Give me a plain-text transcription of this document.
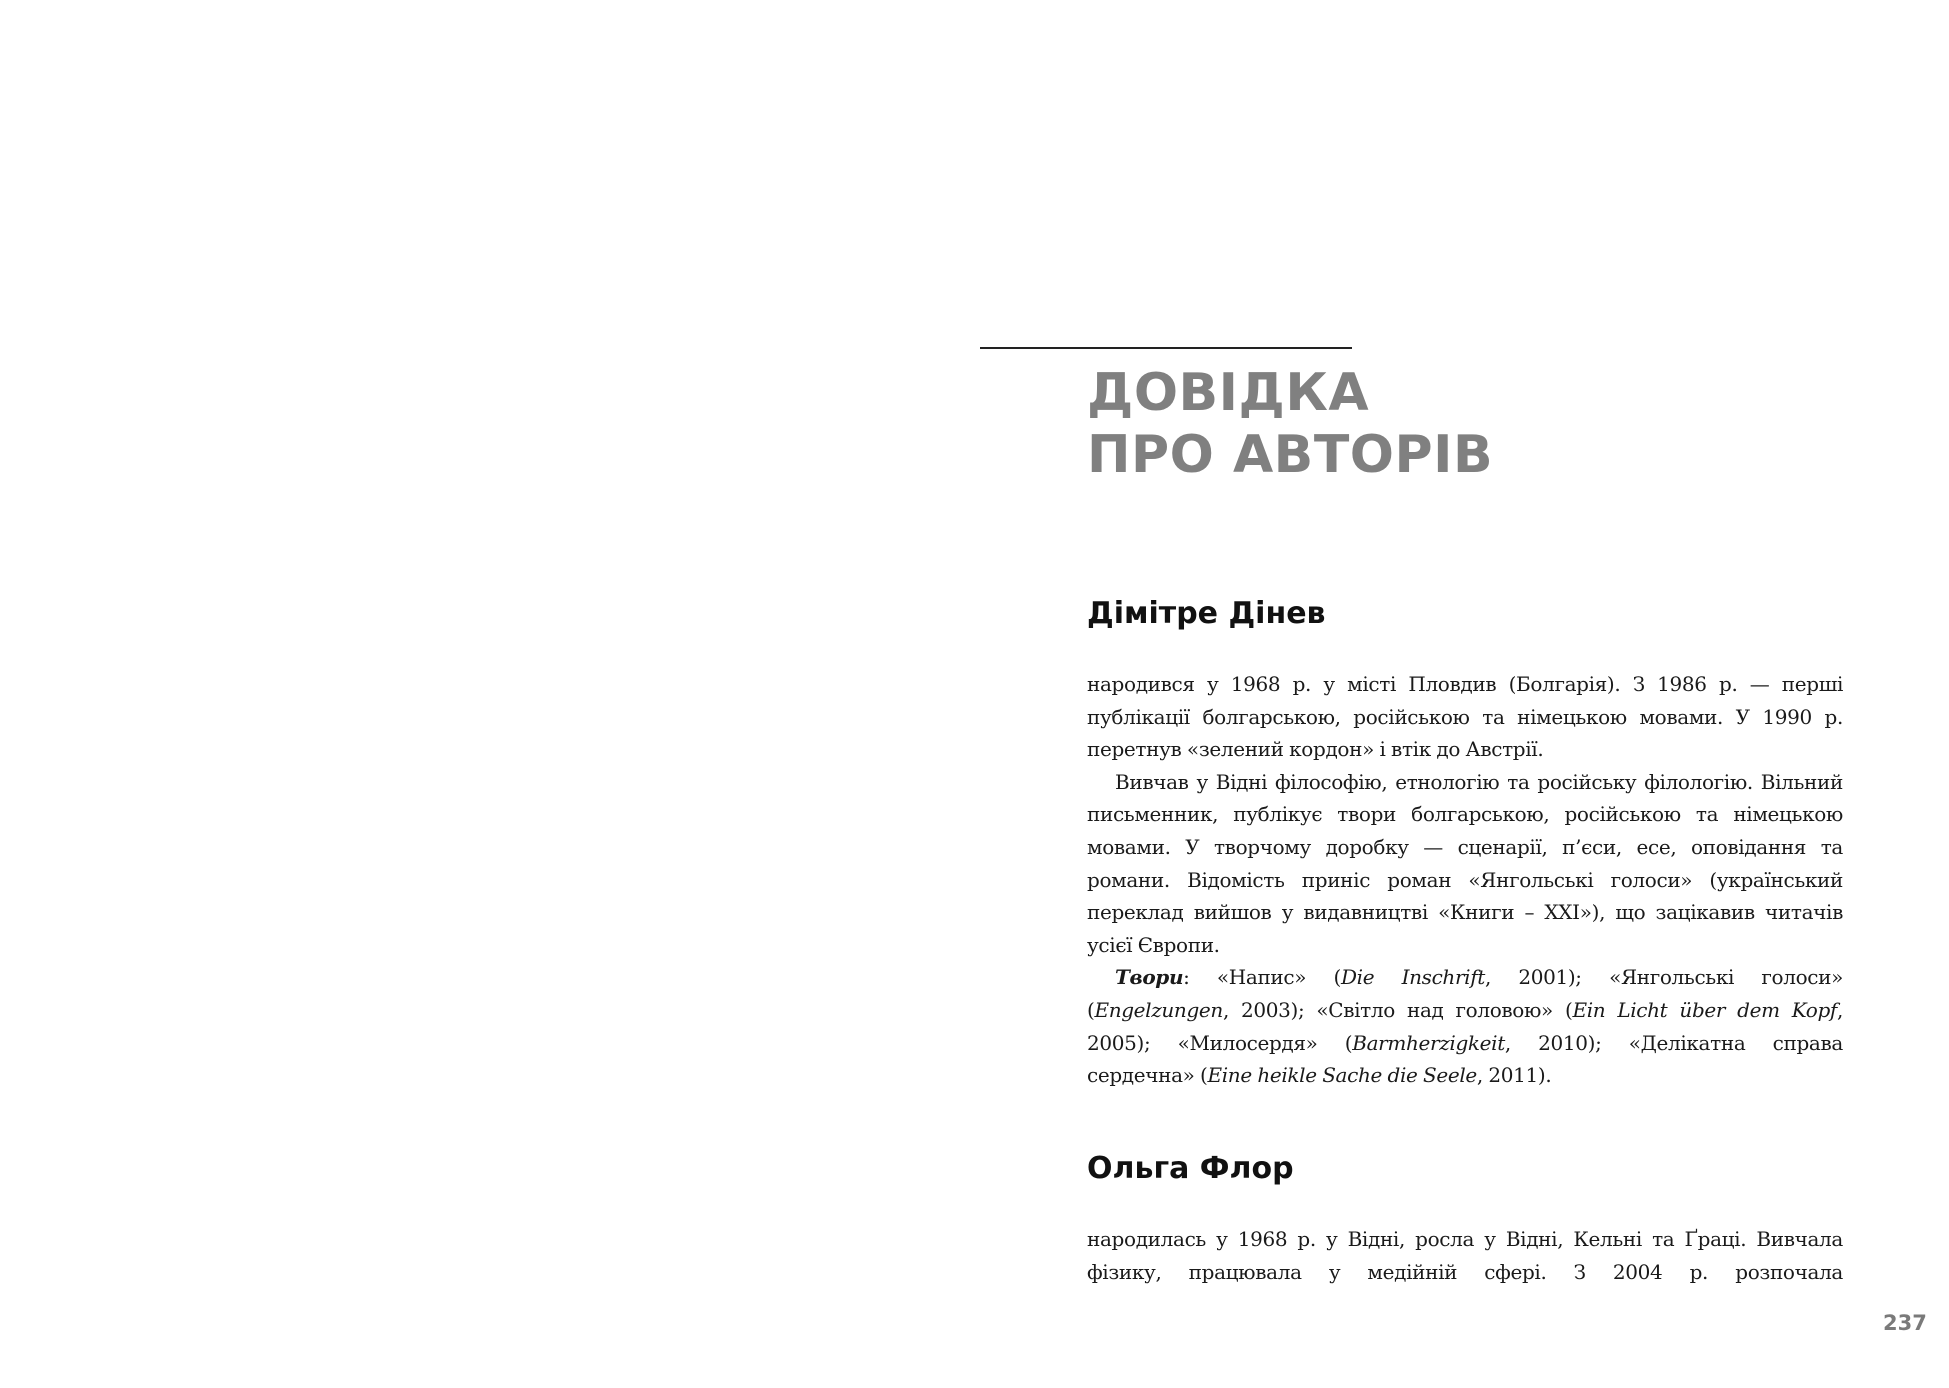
ДОВІДКА
ПРО АВТОРІВ
Дімітре Дінев

народився у 1968 р. у місті Пловдив (Болгарія). З 1986 р. — перші публікації болгарською, російською та німецькою мовами. У 1990 р. перетнув «зелений кордон» і втік до Австрії.

Вивчав у Відні філософію, етнологію та російську філологію. Вільний письменник, публікує твори болгарською, російською та німецькою мовами. У творчому доробку — сценарії, п’єси, есе, оповідання та романи. Відомість приніс роман «Янгольські голоси» (український переклад вийшов у видавництві «Книги – XXI»), що зацікавив читачів усієї Європи.

Твори: «Напис» (Die Inschrift, 2001); «Янгольські голоси» (Engelzungen, 2003); «Світло над головою» (Ein Licht über dem Kopf, 2005); «Милосердя» (Barmherzigkeit, 2010); «Делікатна справа сердечна» (Eine heikle Sache die Seele, 2011).

Ольга Флор

народилась у 1968 р. у Відні, росла у Відні, Кельні та Ґраці. Вивчала фізику, працювала у медійній сфері. З 2004 р. розпочала

237
